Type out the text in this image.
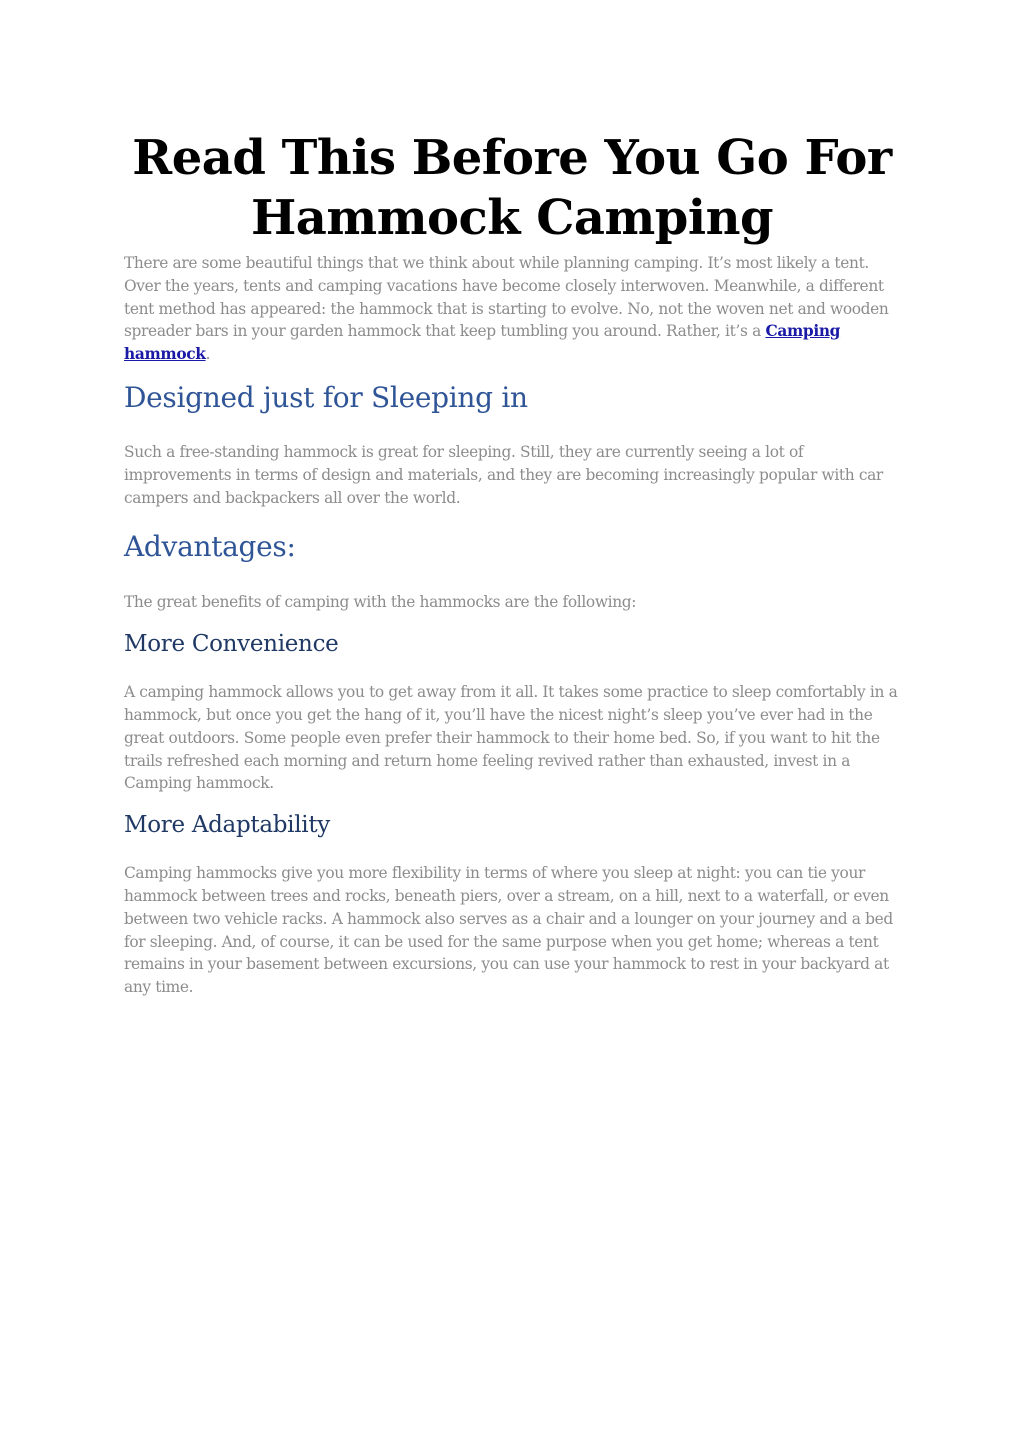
Read This Before You Go For
Hammock Camping

There are some beautiful things that we think about while planning camping. It’s most likely a tent. Over the years, tents and camping vacations have become closely interwoven. Meanwhile, a different tent method has appeared: the hammock that is starting to evolve. No, not the woven net and wooden spreader bars in your garden hammock that keep tumbling you around. Rather, it’s a Camping hammock.

Designed just for Sleeping in

Such a free-standing hammock is great for sleeping. Still, they are currently seeing a lot of improvements in terms of design and materials, and they are becoming increasingly popular with car campers and backpackers all over the world.

Advantages:

The great benefits of camping with the hammocks are the following:

More Convenience

A camping hammock allows you to get away from it all. It takes some practice to sleep comfortably in a hammock, but once you get the hang of it, you’ll have the nicest night’s sleep you’ve ever had in the great outdoors. Some people even prefer their hammock to their home bed. So, if you want to hit the trails refreshed each morning and return home feeling revived rather than exhausted, invest in a Camping hammock.

More Adaptability

Camping hammocks give you more flexibility in terms of where you sleep at night: you can tie your hammock between trees and rocks, beneath piers, over a stream, on a hill, next to a waterfall, or even between two vehicle racks. A hammock also serves as a chair and a lounger on your journey and a bed for sleeping. And, of course, it can be used for the same purpose when you get home; whereas a tent remains in your basement between excursions, you can use your hammock to rest in your backyard at any time.
